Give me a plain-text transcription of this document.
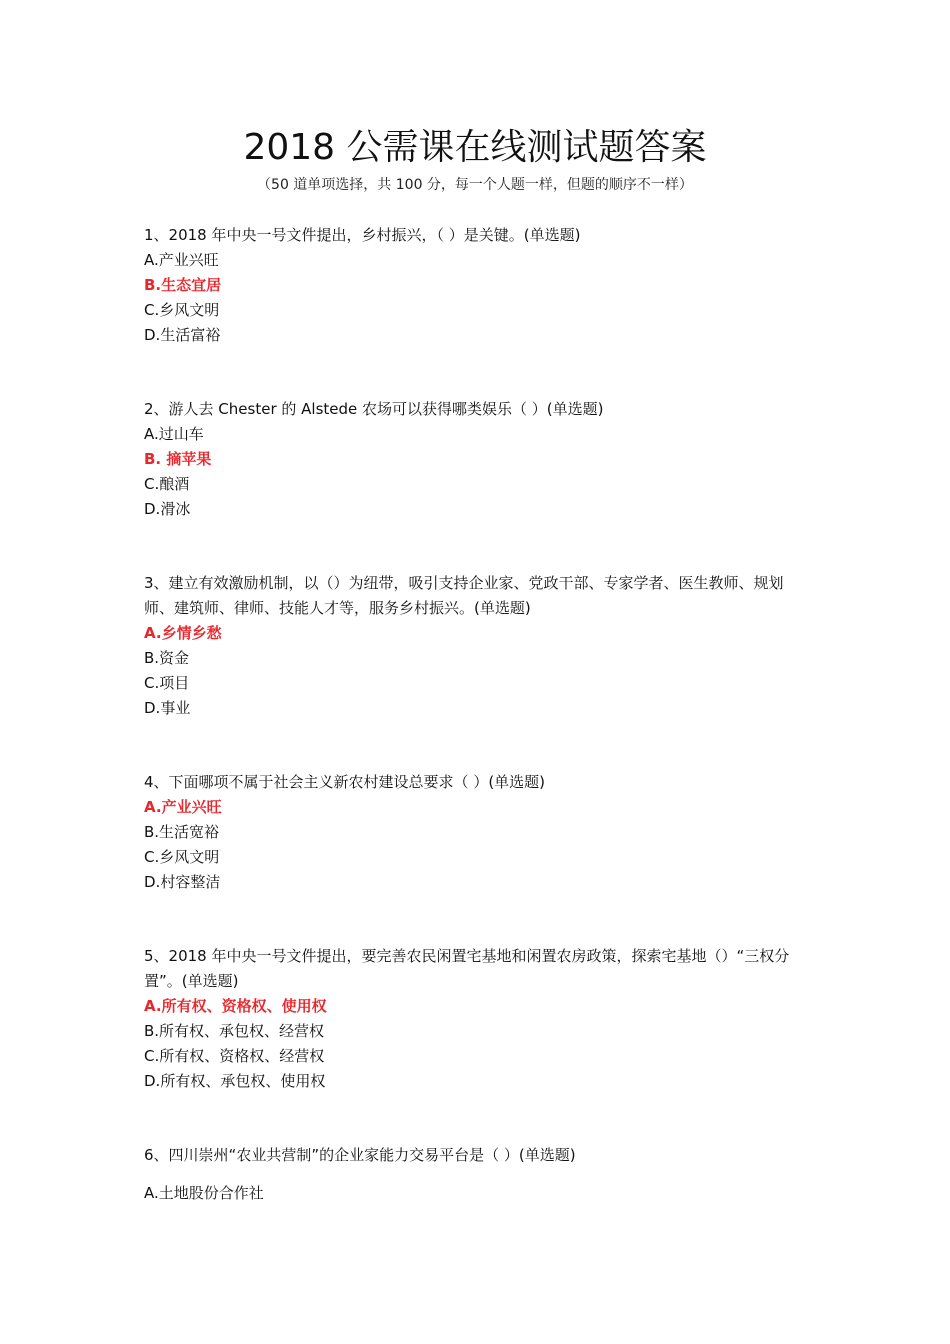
2018 公需课在线测试题答案
（50 道单项选择，共 100 分，每一个人题一样，但题的顺序不一样）

1、2018 年中央一号文件提出，乡村振兴，（ ）是关键。(单选题)

A.产业兴旺

B.生态宜居

C.乡风文明

D.生活富裕

2、游人去 Chester 的 Alstede 农场可以获得哪类娱乐（ ）(单选题)

A.过山车

B. 摘苹果

C.酿酒

D.滑冰

3、建立有效激励机制，以（）为纽带，吸引支持企业家、党政干部、专家学者、医生教师、规划师、建筑师、律师、技能人才等，服务乡村振兴。(单选题)

A.乡情乡愁

B.资金

C.项目

D.事业

4、下面哪项不属于社会主义新农村建设总要求（ ）(单选题)

A.产业兴旺

B.生活宽裕

C.乡风文明

D.村容整洁

5、2018 年中央一号文件提出，要完善农民闲置宅基地和闲置农房政策，探索宅基地（）“三权分置”。(单选题)

A.所有权、资格权、使用权

B.所有权、承包权、经营权

C.所有权、资格权、经营权

D.所有权、承包权、使用权

6、四川崇州“农业共营制”的企业家能力交易平台是（ ）(单选题)

A.土地股份合作社
